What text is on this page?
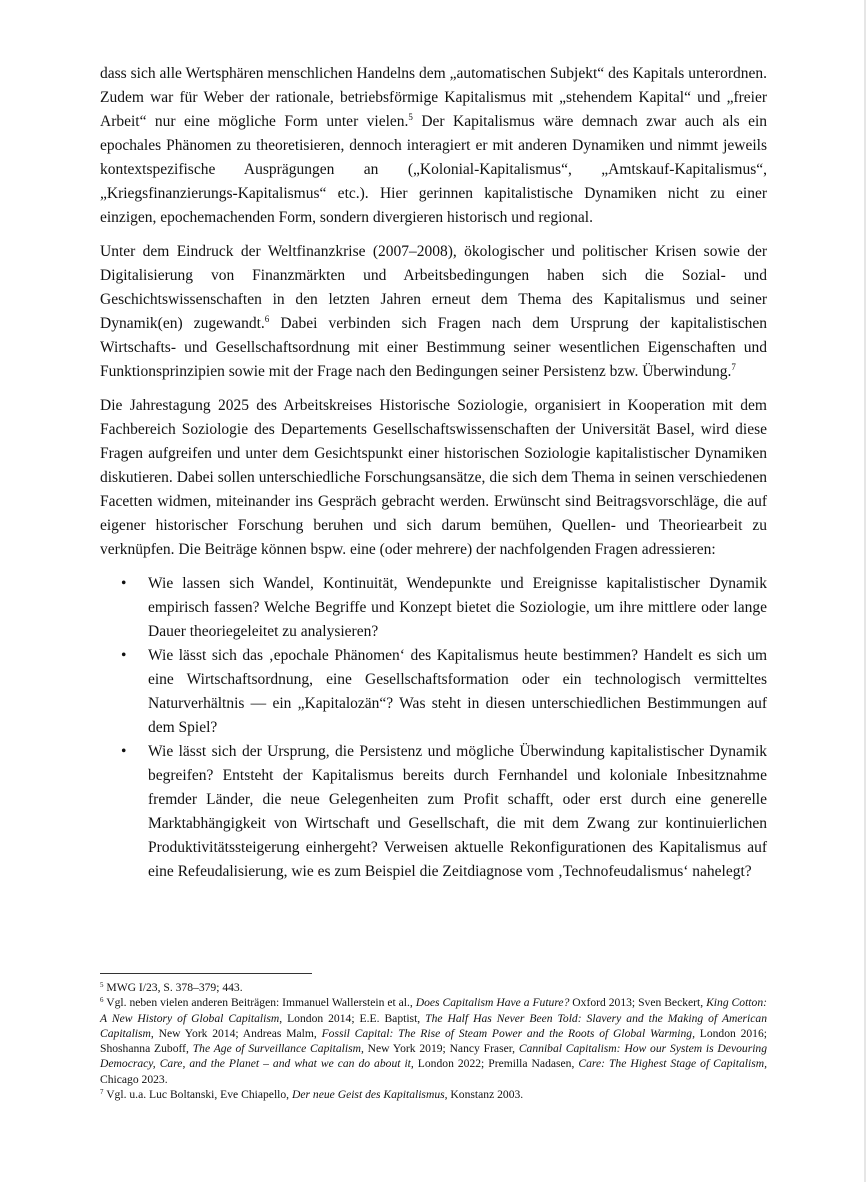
dass sich alle Wertsphären menschlichen Handelns dem „automatischen Subjekt“ des Kapitals unterordnen. Zudem war für Weber der rationale, betriebsförmige Kapitalismus mit „stehendem Kapital“ und „freier Arbeit“ nur eine mögliche Form unter vielen.$^5$ Der Kapitalismus wäre demnach zwar auch als ein epochales Phänomen zu theoretisieren, dennoch interagiert er mit anderen Dynamiken und nimmt jeweils kontextspezifische Ausprägungen an („Kolonial-Kapitalismus“, „Amtskauf-Kapitalismus“, „Kriegsfinanzierungs-Kapitalismus“ etc.). Hier gerinnen kapitalistische Dynamiken nicht zu einer einzigen, epochemachenden Form, sondern divergieren historisch und regional.

Unter dem Eindruck der Weltfinanzkrise (2007–2008), ökologischer und politischer Krisen sowie der Digitalisierung von Finanzmärkten und Arbeitsbedingungen haben sich die Sozial- und Geschichtswissenschaften in den letzten Jahren erneut dem Thema des Kapitalismus und seiner Dynamik(en) zugewandt.$^6$ Dabei verbinden sich Fragen nach dem Ursprung der kapitalistischen Wirtschafts- und Gesellschaftsordnung mit einer Bestimmung seiner wesentlichen Eigenschaften und Funktionsprinzipien sowie mit der Frage nach den Bedingungen seiner Persistenz bzw. Überwindung.$^7$

Die Jahrestagung 2025 des Arbeitskreises Historische Soziologie, organisiert in Kooperation mit dem Fachbereich Soziologie des Departements Gesellschaftswissenschaften der Universität Basel, wird diese Fragen aufgreifen und unter dem Gesichtspunkt einer historischen Soziologie kapitalistischer Dynamiken diskutieren. Dabei sollen unterschiedliche Forschungsansätze, die sich dem Thema in seinen verschiedenen Facetten widmen, miteinander ins Gespräch gebracht werden. Erwünscht sind Beitragsvorschläge, die auf eigener historischer Forschung beruhen und sich darum bemühen, Quellen- und Theoriearbeit zu verknüpfen. Die Beiträge können bspw. eine (oder mehrere) der nachfolgenden Fragen adressieren:

• Wie lassen sich Wandel, Kontinuität, Wendepunkte und Ereignisse kapitalistischer Dynamik empirisch fassen? Welche Begriffe und Konzept bietet die Soziologie, um ihre mittlere oder lange Dauer theoriegeleitet zu analysieren?
• Wie lässt sich das ‚epochale Phänomen‘ des Kapitalismus heute bestimmen? Handelt es sich um eine Wirtschaftsordnung, eine Gesellschaftsformation oder ein technologisch vermitteltes Naturverhältnis — ein „Kapitalozän“? Was steht in diesen unterschiedlichen Bestimmungen auf dem Spiel?
• Wie lässt sich der Ursprung, die Persistenz und mögliche Überwindung kapitalistischer Dynamik begreifen? Entsteht der Kapitalismus bereits durch Fernhandel und koloniale Inbesitznahme fremder Länder, die neue Gelegenheiten zum Profit schafft, oder erst durch eine generelle Marktabhängigkeit von Wirtschaft und Gesellschaft, die mit dem Zwang zur kontinuierlichen Produktivitätssteigerung einhergeht? Verweisen aktuelle Rekonfigurationen des Kapitalismus auf eine Refeudalisierung, wie es zum Beispiel die Zeitdiagnose vom ‚Technofeudalismus‘ nahelegt?
$^5$ MWG I/23, S. 378–379; 443.
$^6$ Vgl. neben vielen anderen Beiträgen: Immanuel Wallerstein et al., Does Capitalism Have a Future? Oxford 2013; Sven Beckert, King Cotton: A New History of Global Capitalism, London 2014; E.E. Baptist, The Half Has Never Been Told: Slavery and the Making of American Capitalism, New York 2014; Andreas Malm, Fossil Capital: The Rise of Steam Power and the Roots of Global Warming, London 2016; Shoshanna Zuboff, The Age of Surveillance Capitalism, New York 2019; Nancy Fraser, Cannibal Capitalism: How our System is Devouring Democracy, Care, and the Planet – and what we can do about it, London 2022; Premilla Nadasen, Care: The Highest Stage of Capitalism, Chicago 2023.
$^7$ Vgl. u.a. Luc Boltanski, Eve Chiapello, Der neue Geist des Kapitalismus, Konstanz 2003.
